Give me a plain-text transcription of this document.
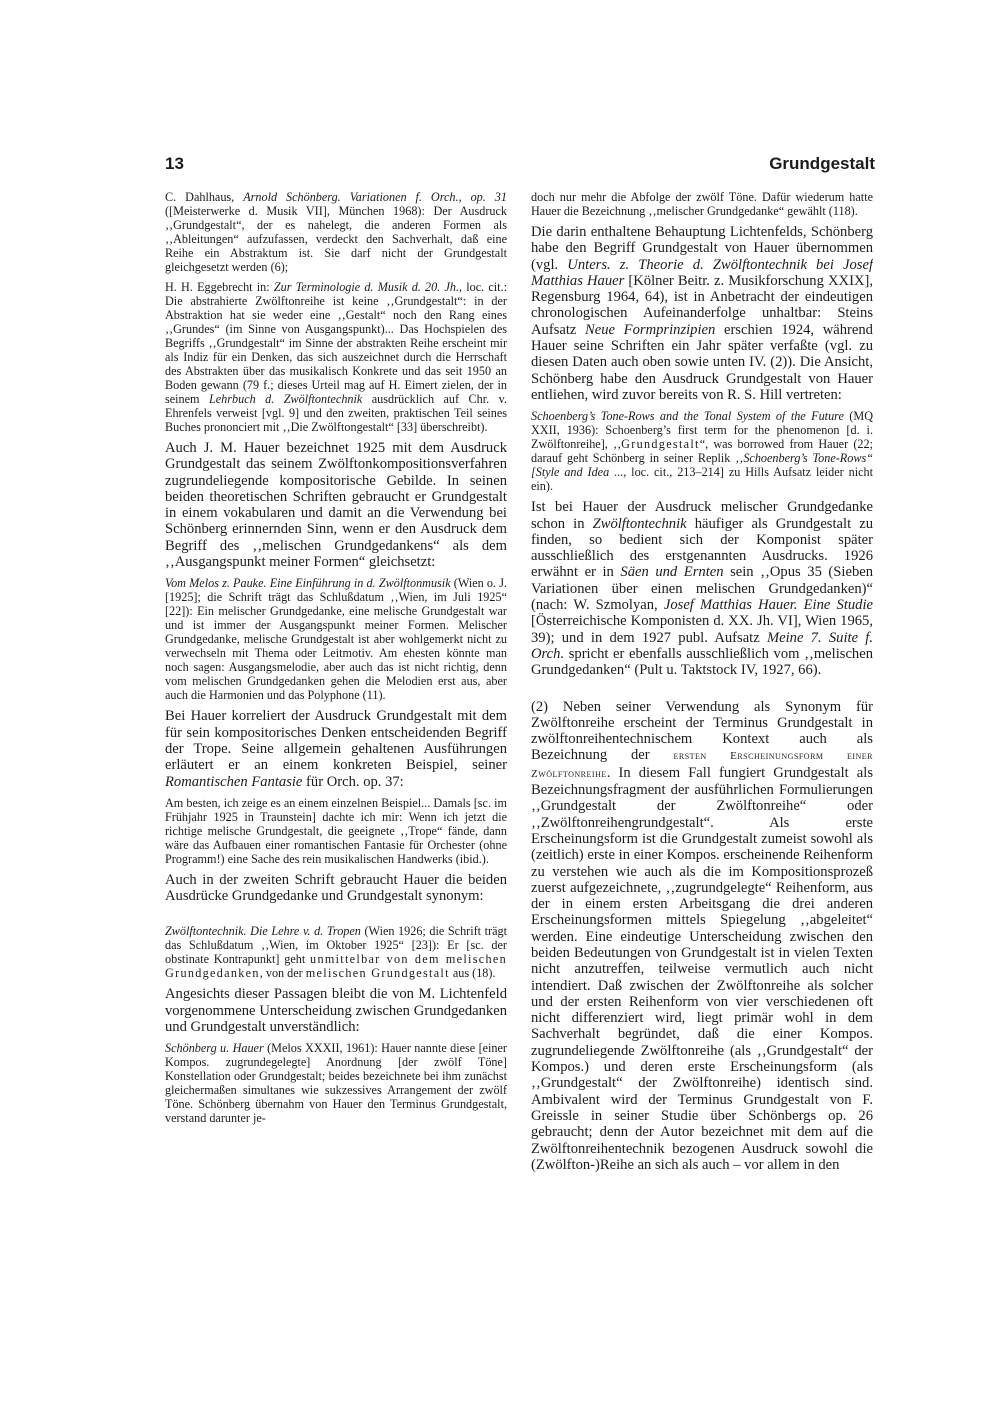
13	Grundgestalt

C. Dahlhaus, Arnold Schönberg. Variationen f. Orch., op. 31 ([Meisterwerke d. Musik VII], München 1968): Der Ausdruck ‚‚Grundgestalt“, der es nahelegt, die anderen Formen als ‚‚Ableitungen“ aufzufassen, verdeckt den Sachverhalt, daß eine Reihe ein Abstraktum ist. Sie darf nicht der Grundgestalt gleichgesetzt werden (6);

H. H. Eggebrecht in: Zur Terminologie d. Musik d. 20. Jh., loc. cit.: Die abstrahierte Zwölftonreihe ist keine ‚‚Grundgestalt“: in der Abstraktion hat sie weder eine ‚‚Gestalt“ noch den Rang eines ‚‚Grundes“ (im Sinne von Ausgangspunkt)... Das Hochspielen des Begriffs ‚‚Grundgestalt“ im Sinne der abstrakten Reihe erscheint mir als Indiz für ein Denken, das sich auszeichnet durch die Herrschaft des Abstrakten über das musikalisch Konkrete und das seit 1950 an Boden gewann (79 f.; dieses Urteil mag auf H. Eimert zielen, der in seinem Lehrbuch d. Zwölftontechnik ausdrücklich auf Chr. v. Ehrenfels verweist [vgl. 9] und den zweiten, praktischen Teil seines Buches prononciert mit ‚‚Die Zwölftongestalt“ [33] überschreibt).

Auch J. M. Hauer bezeichnet 1925 mit dem Ausdruck Grundgestalt das seinem Zwölftonkompositionsverfahren zugrundeliegende kompositorische Gebilde. In seinen beiden theoretischen Schriften gebraucht er Grundgestalt in einem vokabularen und damit an die Verwendung bei Schönberg erinnernden Sinn, wenn er den Ausdruck dem Begriff des ‚‚melischen Grundgedankens“ als dem ‚‚Ausgangspunkt meiner Formen“ gleichsetzt:

Vom Melos z. Pauke. Eine Einführung in d. Zwölftonmusik (Wien o. J. [1925]; die Schrift trägt das Schlußdatum ‚‚Wien, im Juli 1925“ [22]): Ein melischer Grundgedanke, eine melische Grundgestalt war und ist immer der Ausgangspunkt meiner Formen. Melischer Grundgedanke, melische Grundgestalt ist aber wohlgemerkt nicht zu verwechseln mit Thema oder Leitmotiv. Am ehesten könnte man noch sagen: Ausgangsmelodie, aber auch das ist nicht richtig, denn vom melischen Grundgedanken gehen die Melodien erst aus, aber auch die Harmonien und das Polyphone (11).

Bei Hauer korreliert der Ausdruck Grundgestalt mit dem für sein kompositorisches Denken entscheidenden Begriff der Trope. Seine allgemein gehaltenen Ausführungen erläutert er an einem konkreten Beispiel, seiner Romantischen Fantasie für Orch. op. 37:

Am besten, ich zeige es an einem einzelnen Beispiel... Damals [sc. im Frühjahr 1925 in Traunstein] dachte ich mir: Wenn ich jetzt die richtige melische Grundgestalt, die geeignete ‚‚Trope“ fände, dann wäre das Aufbauen einer romantischen Fantasie für Orchester (ohne Programm!) eine Sache des rein musikalischen Handwerks (ibid.).

Auch in der zweiten Schrift gebraucht Hauer die beiden Ausdrücke Grundgedanke und Grundgestalt synonym:

Zwölftontechnik. Die Lehre v. d. Tropen (Wien 1926; die Schrift trägt das Schlußdatum ‚‚Wien, im Oktober 1925“ [23]): Er [sc. der obstinate Kontrapunkt] geht unmittelbar von dem melischen Grundgedanken, von der melischen Grundgestalt aus (18).

Angesichts dieser Passagen bleibt die von M. Lichtenfeld vorgenommene Unterscheidung zwischen Grundgedanken und Grundgestalt unverständlich:

Schönberg u. Hauer (Melos XXXII, 1961): Hauer nannte diese [einer Kompos. zugrundegelegte] Anordnung [der zwölf Töne] Konstellation oder Grundgestalt; beides bezeichnete bei ihm zunächst gleichermaßen simultanes wie sukzessives Arrangement der zwölf Töne. Schönberg übernahm von Hauer den Terminus Grundgestalt, verstand darunter je-

doch nur mehr die Abfolge der zwölf Töne. Dafür wiederum hatte Hauer die Bezeichnung ‚‚melischer Grundgedanke“ gewählt (118).

Die darin enthaltene Behauptung Lichtenfelds, Schönberg habe den Begriff Grundgestalt von Hauer übernommen (vgl. Unters. z. Theorie d. Zwölftontechnik bei Josef Matthias Hauer [Kölner Beitr. z. Musikforschung XXIX], Regensburg 1964, 64), ist in Anbetracht der eindeutigen chronologischen Aufeinanderfolge unhaltbar: Steins Aufsatz Neue Formprinzipien erschien 1924, während Hauer seine Schriften ein Jahr später verfaßte (vgl. zu diesen Daten auch oben sowie unten IV. (2)). Die Ansicht, Schönberg habe den Ausdruck Grundgestalt von Hauer entliehen, wird zuvor bereits von R. S. Hill vertreten:

Schoenberg’s Tone-Rows and the Tonal System of the Future (MQ XXII, 1936): Schoenberg’s first term for the phenomenon [d. i. Zwölftonreihe], ‚‚Grundgestalt“, was borrowed from Hauer (22; darauf geht Schönberg in seiner Replik ‚‚Schoenberg’s Tone-Rows“ [Style and Idea ..., loc. cit., 213–214] zu Hills Aufsatz leider nicht ein).

Ist bei Hauer der Ausdruck melischer Grundgedanke schon in Zwölftontechnik häufiger als Grundgestalt zu finden, so bedient sich der Komponist später ausschließlich des erstgenannten Ausdrucks. 1926 erwähnt er in Säen und Ernten sein ‚‚Opus 35 (Sieben Variationen über einen melischen Grundgedanken)“ (nach: W. Szmolyan, Josef Matthias Hauer. Eine Studie [Österreichische Komponisten d. XX. Jh. VI], Wien 1965, 39); und in dem 1927 publ. Aufsatz Meine 7. Suite f. Orch. spricht er ebenfalls ausschließlich vom ‚‚melischen Grundgedanken“ (Pult u. Taktstock IV, 1927, 66).

(2) Neben seiner Verwendung als Synonym für Zwölftonreihe erscheint der Terminus Grundgestalt in zwölftonreihentechnischem Kontext auch als Bezeichnung der ersten Erscheinungsform einer Zwölftonreihe. In diesem Fall fungiert Grundgestalt als Bezeichnungsfragment der ausführlichen Formulierungen ‚‚Grundgestalt der Zwölftonreihe“ oder ‚‚Zwölftonreihengrundgestalt“. Als erste Erscheinungsform ist die Grundgestalt zumeist sowohl als (zeitlich) erste in einer Kompos. erscheinende Reihenform zu verstehen wie auch als die im Kompositionsprozeß zuerst aufgezeichnete, ‚‚zugrundgelegte“ Reihenform, aus der in einem ersten Arbeitsgang die drei anderen Erscheinungsformen mittels Spiegelung ‚‚abgeleitet“ werden. Eine eindeutige Unterscheidung zwischen den beiden Bedeutungen von Grundgestalt ist in vielen Texten nicht anzutreffen, teilweise vermutlich auch nicht intendiert. Daß zwischen der Zwölftonreihe als solcher und der ersten Reihenform von vier verschiedenen oft nicht differenziert wird, liegt primär wohl in dem Sachverhalt begründet, daß die einer Kompos. zugrundeliegende Zwölftonreihe (als ‚‚Grundgestalt“ der Kompos.) und deren erste Erscheinungsform (als ‚‚Grundgestalt“ der Zwölftonreihe) identisch sind. Ambivalent wird der Terminus Grundgestalt von F. Greissle in seiner Studie über Schönbergs op. 26 gebraucht; denn der Autor bezeichnet mit dem auf die Zwölftonreihentechnik bezogenen Ausdruck sowohl die (Zwölfton-)Reihe an sich als auch – vor allem in den
